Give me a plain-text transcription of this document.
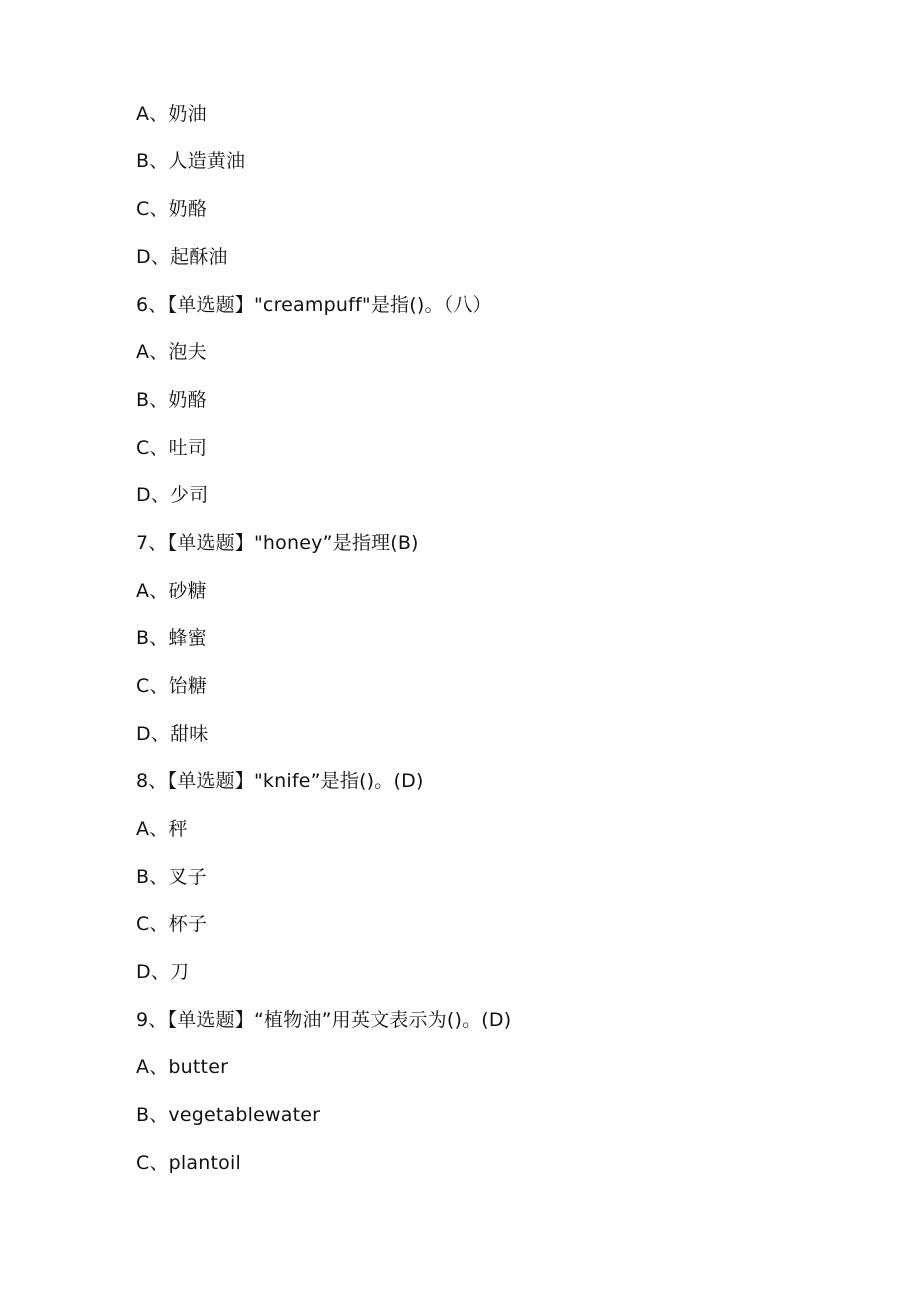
A、奶油
B、人造黄油
C、奶酪
D、起酥油
6、【单选题】"creampuff"是指()。（八）
A、泡夫
B、奶酪
C、吐司
D、少司
7、【单选题】"honey”是指理(B)
A、砂糖
B、蜂蜜
C、饴糖
D、甜味
8、【单选题】"knife”是指()。(D)
A、秤
B、叉子
C、杯子
D、刀
9、【单选题】“植物油”用英文表示为()。(D)
A、butter
B、vegetablewater
C、plantoil
